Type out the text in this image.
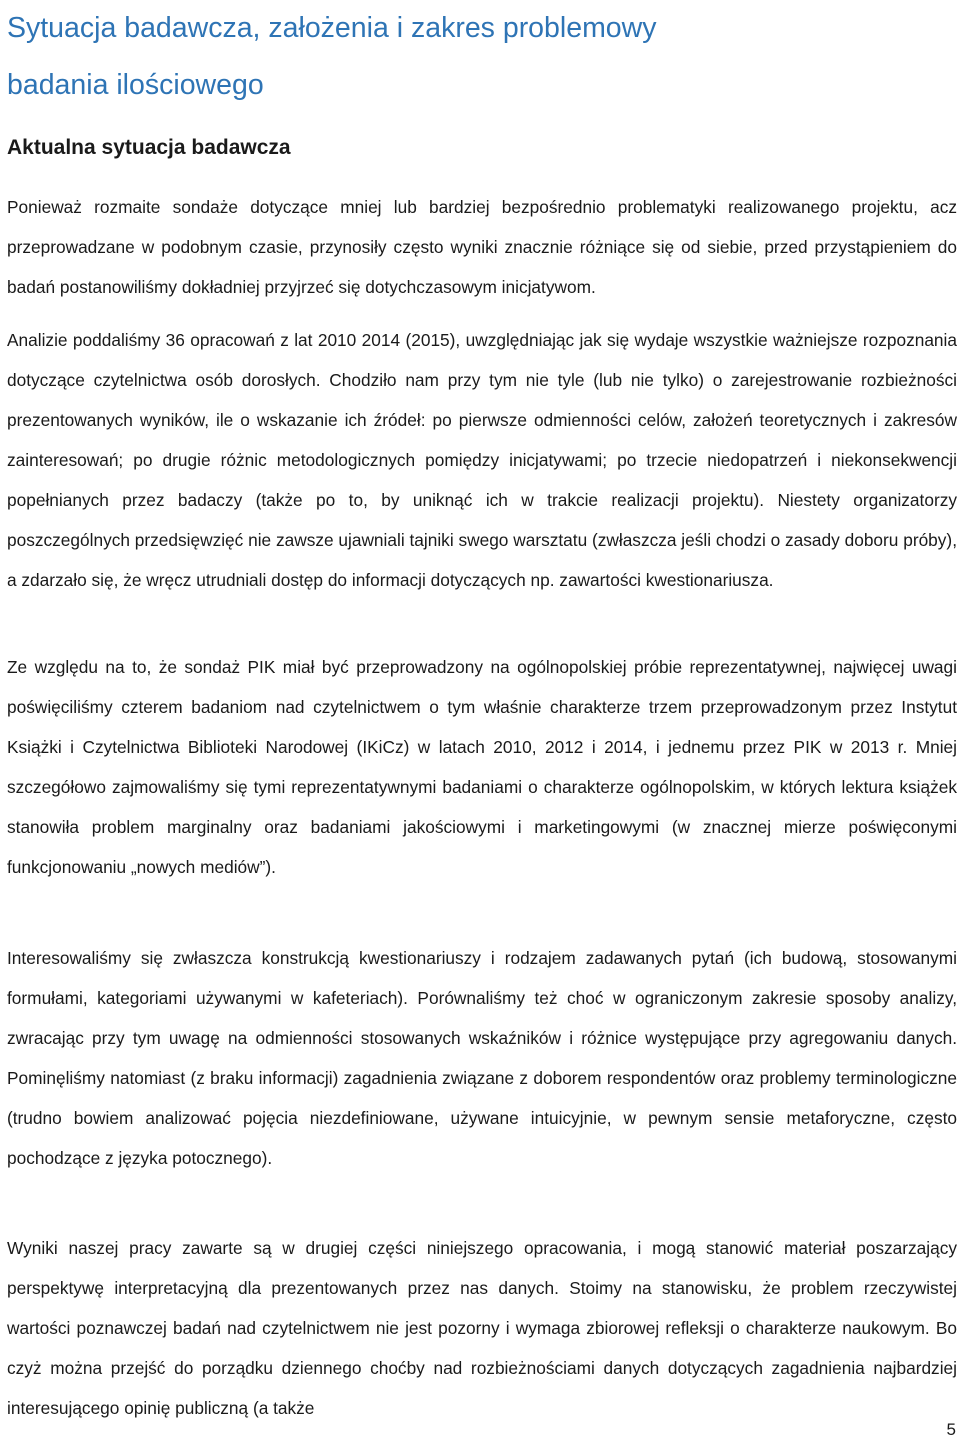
Sytuacja badawcza, założenia i zakres problemowy
badania ilościowego
Aktualna sytuacja badawcza

Ponieważ rozmaite sondaże dotyczące mniej lub bardziej bezpośrednio problematyki realizowanego projektu, acz przeprowadzane w podobnym czasie, przynosiły często wyniki znacznie różniące się od siebie, przed przystąpieniem do badań postanowiliśmy dokładniej przyjrzeć się dotychczasowym inicjatywom.

Analizie poddaliśmy 36 opracowań z lat 2010 2014 (2015), uwzględniając jak się wydaje wszystkie ważniejsze rozpoznania dotyczące czytelnictwa osób dorosłych. Chodziło nam przy tym nie tyle (lub nie tylko) o zarejestrowanie rozbieżności prezentowanych wyników, ile o wskazanie ich źródeł: po pierwsze odmienności celów, założeń teoretycznych i zakresów zainteresowań; po drugie różnic metodologicznych pomiędzy inicjatywami; po trzecie niedopatrzeń i niekonsekwencji popełnianych przez badaczy (także po to, by uniknąć ich w trakcie realizacji projektu). Niestety organizatorzy poszczególnych przedsięwzięć nie zawsze ujawniali tajniki swego warsztatu (zwłaszcza jeśli chodzi o zasady doboru próby), a zdarzało się, że wręcz utrudniali dostęp do informacji dotyczących np. zawartości kwestionariusza.

Ze względu na to, że sondaż PIK miał być przeprowadzony na ogólnopolskiej próbie reprezentatywnej, najwięcej uwagi poświęciliśmy czterem badaniom nad czytelnictwem o tym właśnie charakterze trzem przeprowadzonym przez Instytut Książki i Czytelnictwa Biblioteki Narodowej (IKiCz) w latach 2010, 2012 i 2014, i jednemu przez PIK w 2013 r. Mniej szczegółowo zajmowaliśmy się tymi reprezentatywnymi badaniami o charakterze ogólnopolskim, w których lektura książek stanowiła problem marginalny oraz badaniami jakościowymi i marketingowymi (w znacznej mierze poświęconymi funkcjonowaniu „nowych mediów”).

Interesowaliśmy się zwłaszcza konstrukcją kwestionariuszy i rodzajem zadawanych pytań (ich budową, stosowanymi formułami, kategoriami używanymi w kafeteriach). Porównaliśmy też choć w ograniczonym zakresie sposoby analizy, zwracając przy tym uwagę na odmienności stosowanych wskaźników i różnice występujące przy agregowaniu danych. Pominęliśmy natomiast (z braku informacji) zagadnienia związane z doborem respondentów oraz problemy terminologiczne (trudno bowiem analizować pojęcia niezdefiniowane, używane intuicyjnie, w pewnym sensie metaforyczne, często pochodzące z języka potocznego).

Wyniki naszej pracy zawarte są w drugiej części niniejszego opracowania, i mogą stanowić materiał poszarzający perspektywę interpretacyjną dla prezentowanych przez nas danych. Stoimy na stanowisku, że problem rzeczywistej wartości poznawczej badań nad czytelnictwem nie jest pozorny i wymaga zbiorowej refleksji o charakterze naukowym. Bo czyż można przejść do porządku dziennego choćby nad rozbieżnościami danych dotyczących zagadnienia najbardziej interesującego opinię publiczną (a także

5
